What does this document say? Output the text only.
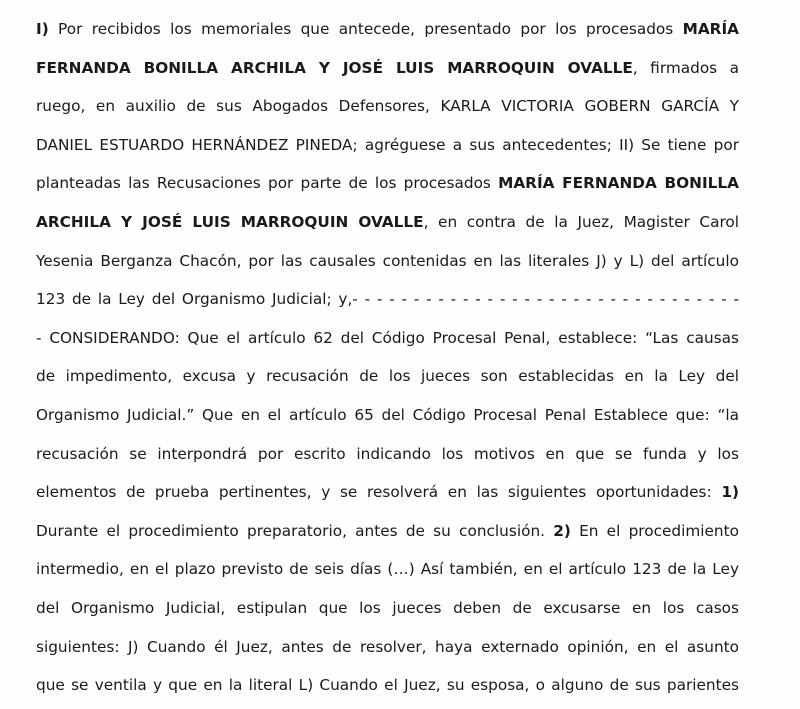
I) Por recibidos los memoriales que antecede, presentado por los procesados MARÍA
FERNANDA BONILLA ARCHILA Y JOSÉ LUIS MARROQUIN OVALLE, firmados a
ruego, en auxilio de sus Abogados Defensores, KARLA VICTORIA GOBERN GARCÍA Y
DANIEL ESTUARDO HERNÁNDEZ PINEDA; agréguese a sus antecedentes; II) Se tiene por
planteadas las Recusaciones por parte de los procesados MARÍA FERNANDA BONILLA
ARCHILA Y JOSÉ LUIS MARROQUIN OVALLE, en contra de la Juez, Magister Carol
Yesenia Berganza Chacón, por las causales contenidas en las literales J) y L) del artículo
123 de la Ley del Organismo Judicial; y,- - - - - - - - - - - - - - - - - - - - - - - - - - - - - - - -
- CONSIDERANDO: Que el artículo 62 del Código Procesal Penal, establece: “Las causas
de impedimento, excusa y recusación de los jueces son establecidas en la Ley del
Organismo Judicial.” Que en el artículo 65 del Código Procesal Penal Establece que: “la
recusación se interpondrá por escrito indicando los motivos en que se funda y los
elementos de prueba pertinentes, y se resolverá en las siguientes oportunidades: 1)
Durante el procedimiento preparatorio, antes de su conclusión. 2) En el procedimiento
intermedio, en el plazo previsto de seis días (…) Así también, en el artículo 123 de la Ley
del Organismo Judicial, estipulan que los jueces deben de excusarse en los casos
siguientes: J) Cuando él Juez, antes de resolver, haya externado opinión, en el asunto
que se ventila y que en la literal L) Cuando el Juez, su esposa, o alguno de sus parientes
